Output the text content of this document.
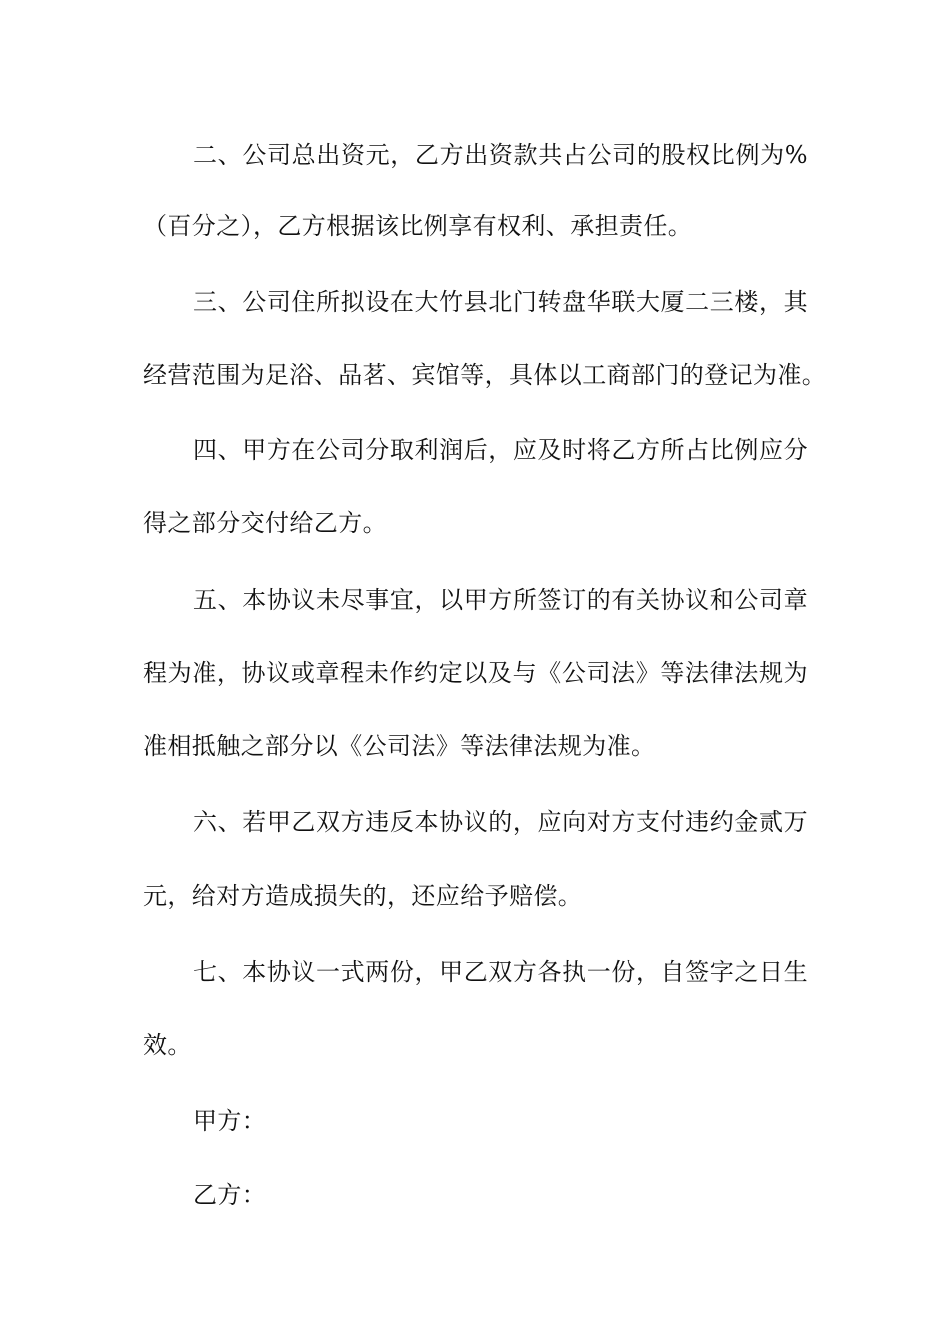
二、公司总出资元，乙方出资款共占公司的股权比例为%
（百分之），乙方根据该比例享有权利、承担责任。
三、公司住所拟设在大竹县北门转盘华联大厦二三楼，其
经营范围为足浴、品茗、宾馆等，具体以工商部门的登记为准。
四、甲方在公司分取利润后，应及时将乙方所占比例应分
得之部分交付给乙方。
五、本协议未尽事宜，以甲方所签订的有关协议和公司章
程为准，协议或章程未作约定以及与《公司法》等法律法规为
准相抵触之部分以《公司法》等法律法规为准。
六、若甲乙双方违反本协议的，应向对方支付违约金贰万
元，给对方造成损失的，还应给予赔偿。
七、本协议一式两份，甲乙双方各执一份，自签字之日生
效。
甲方：
乙方：
